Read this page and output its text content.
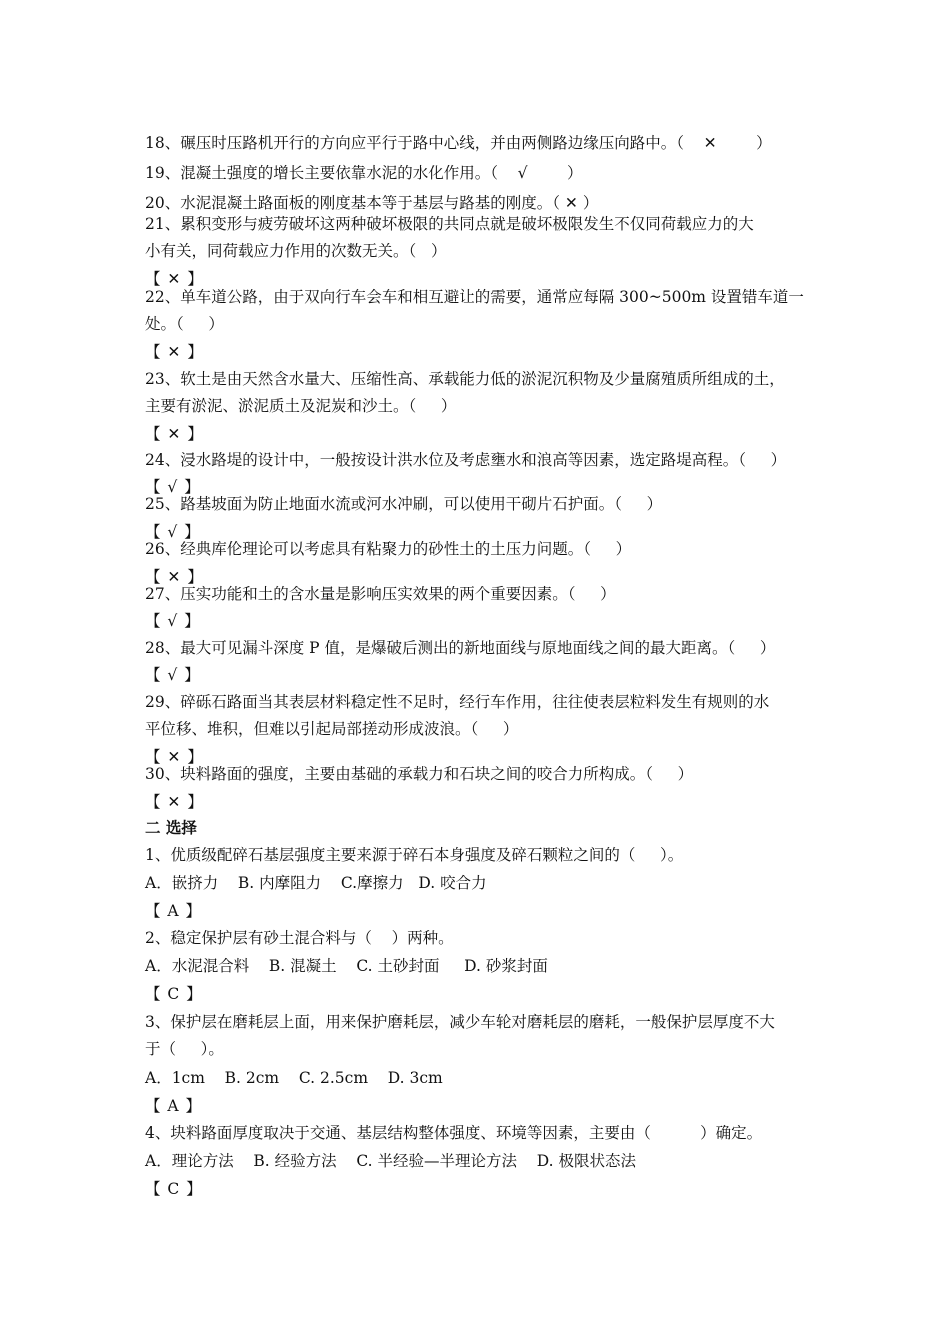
18、碾压时压路机开行的方向应平行于路中心线，并由两侧路边缘压向路中。（    ✕        ）
19、混凝土强度的增长主要依靠水泥的水化作用。（    √        ）
20、水泥混凝土路面板的刚度基本等于基层与路基的刚度。（ ✕ ）
21、累积变形与疲劳破坏这两种破坏极限的共同点就是破坏极限发生不仅同荷载应力的大
小有关，同荷载应力作用的次数无关。（   ）
【 ✕ 】
22、单车道公路，由于双向行车会车和相互避让的需要，通常应每隔 300~500m 设置错车道一
处。（     ）
【 ✕ 】
23、软土是由天然含水量大、压缩性高、承载能力低的淤泥沉积物及少量腐殖质所组成的土，
主要有淤泥、淤泥质土及泥炭和沙土。（     ）
【 ✕ 】
24、浸水路堤的设计中，一般按设计洪水位及考虑壅水和浪高等因素，选定路堤高程。（     ）
【 √ 】
25、路基坡面为防止地面水流或河水冲刷，可以使用干砌片石护面。（     ）
【 √ 】
26、经典库伦理论可以考虑具有粘聚力的砂性土的土压力问题。（     ）
【 ✕ 】
27、压实功能和土的含水量是影响压实效果的两个重要因素。（     ）
【 √ 】
28、最大可见漏斗深度 P 值，是爆破后测出的新地面线与原地面线之间的最大距离。（     ）
【 √ 】
29、碎砾石路面当其表层材料稳定性不足时，经行车作用，往往使表层粒料发生有规则的水
平位移、堆积，但难以引起局部搓动形成波浪。（     ）
【 ✕ 】
30、块料路面的强度，主要由基础的承载力和石块之间的咬合力所构成。（     ）
【 ✕ 】
二 选择
1、优质级配碎石基层强度主要来源于碎石本身强度及碎石颗粒之间的（     ）。
A．嵌挤力    B. 内摩阻力    C.摩擦力   D. 咬合力
【 A 】
2、稳定保护层有砂土混合料与（    ）两种。
A．水泥混合料    B. 混凝土    C. 土砂封面     D. 砂浆封面
【 C 】
3、保护层在磨耗层上面，用来保护磨耗层，减少车轮对磨耗层的磨耗，一般保护层厚度不大
于（     ）。
A．1cm    B. 2cm    C. 2.5cm    D. 3cm
【 A 】
4、块料路面厚度取决于交通、基层结构整体强度、环境等因素，主要由（          ）确定。
A．理论方法    B. 经验方法    C. 半经验—半理论方法    D. 极限状态法
【 C 】
